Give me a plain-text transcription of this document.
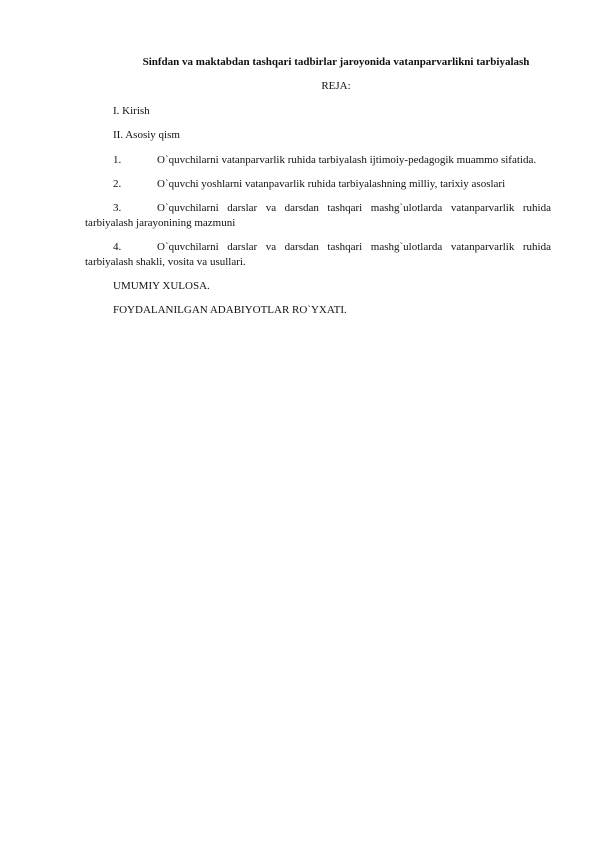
Sinfdan va maktabdan tashqari tadbirlar jaroyonida vatanparvarlikni tarbiyalash

REJA:

I. Kirish

II. Asosiy qism

1.	O`quvchilarni vatanparvarlik ruhida tarbiyalash ijtimoiy-pedagogik muammo sifatida.

2.	O`quvchi yoshlarni vatanpavarlik ruhida tarbiyalashning milliy, tarixiy asoslari

3.	O`quvchilarni darslar va darsdan tashqari mashg`ulotlarda vatanparvarlik ruhida tarbiyalash jarayonining mazmuni

4.	O`quvchilarni darslar va darsdan tashqari mashg`ulotlarda vatanparvarlik ruhida tarbiyalash shakli, vosita va usullari.

UMUMIY XULOSA.

FOYDALANILGAN ADABIYOTLAR RO`YXATI.
